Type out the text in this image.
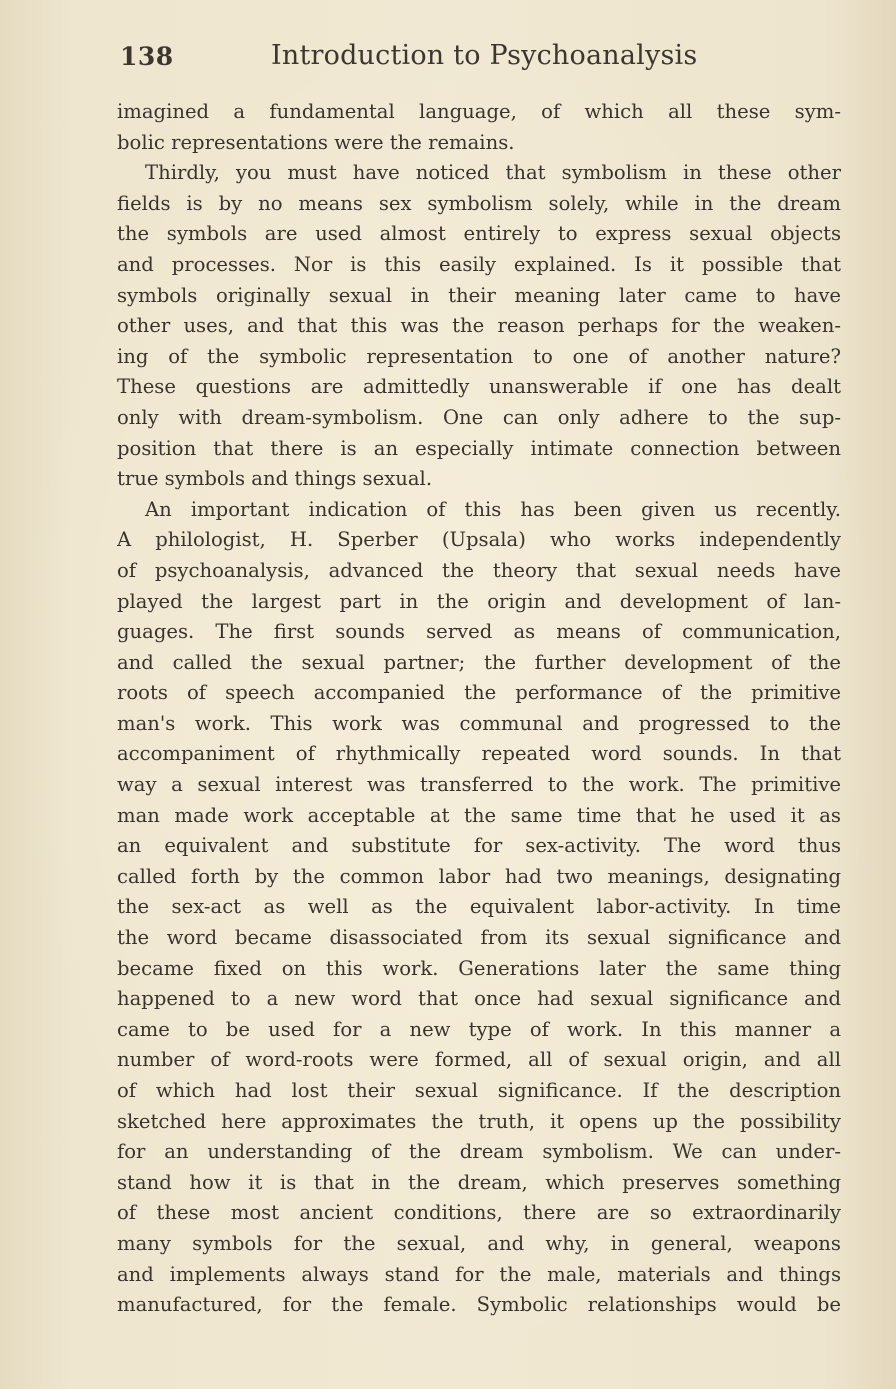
138	Introduction to Psychoanalysis
imagined a fundamental language, of which all these sym-
bolic representations were the remains.
Thirdly, you must have noticed that symbolism in these other
fields is by no means sex symbolism solely, while in the dream
the symbols are used almost entirely to express sexual objects
and processes. Nor is this easily explained. Is it possible that
symbols originally sexual in their meaning later came to have
other uses, and that this was the reason perhaps for the weaken-
ing of the symbolic representation to one of another nature?
These questions are admittedly unanswerable if one has dealt
only with dream-symbolism. One can only adhere to the sup-
position that there is an especially intimate connection between
true symbols and things sexual.
An important indication of this has been given us recently.
A philologist, H. Sperber (Upsala) who works independently
of psychoanalysis, advanced the theory that sexual needs have
played the largest part in the origin and development of lan-
guages. The first sounds served as means of communication,
and called the sexual partner; the further development of the
roots of speech accompanied the performance of the primitive
man's work. This work was communal and progressed to the
accompaniment of rhythmically repeated word sounds. In that
way a sexual interest was transferred to the work. The primitive
man made work acceptable at the same time that he used it as
an equivalent and substitute for sex-activity. The word thus
called forth by the common labor had two meanings, designating
the sex-act as well as the equivalent labor-activity. In time
the word became disassociated from its sexual significance and
became fixed on this work. Generations later the same thing
happened to a new word that once had sexual significance and
came to be used for a new type of work. In this manner a
number of word-roots were formed, all of sexual origin, and all
of which had lost their sexual significance. If the description
sketched here approximates the truth, it opens up the possibility
for an understanding of the dream symbolism. We can under-
stand how it is that in the dream, which preserves something
of these most ancient conditions, there are so extraordinarily
many symbols for the sexual, and why, in general, weapons
and implements always stand for the male, materials and things
manufactured, for the female. Symbolic relationships would be
